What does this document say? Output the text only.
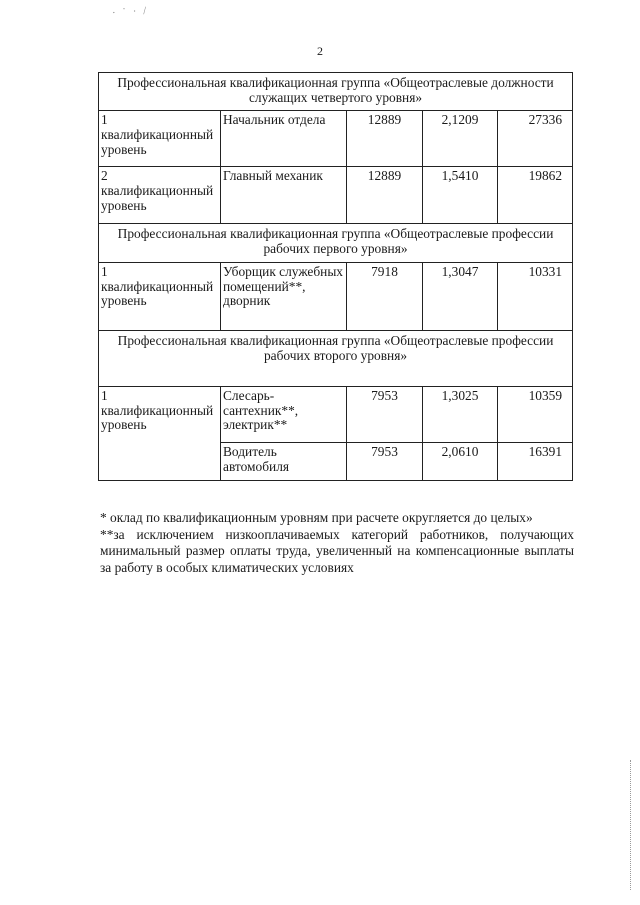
· ˙ · /
2
Профессиональная квалификационная группа «Общеотраслевые должности служащих четвертого уровня»				
1 квалификационный уровень	Начальник отдела	12889	2,1209	27336
2 квалификационный уровень	Главный механик	12889	1,5410	19862
Профессиональная квалификационная группа «Общеотраслевые профессии рабочих первого уровня»				
1 квалификационный уровень	Уборщик служебных помещений**, дворник	7918	1,3047	10331
Профессиональная квалификационная группа «Общеотраслевые профессии рабочих второго уровня»				
1 квалификационный уровень	Слесарь-сантехник**, электрик**	7953	1,3025	10359
	Водитель автомобиля	7953	2,0610	16391

* оклад по квалификационным уровням при расчете округляется до целых»

**за исключением низкооплачиваемых категорий работников, получающих минимальный размер оплаты труда, увеличенный на компенсационные выплаты за работу в особых климатических условиях
